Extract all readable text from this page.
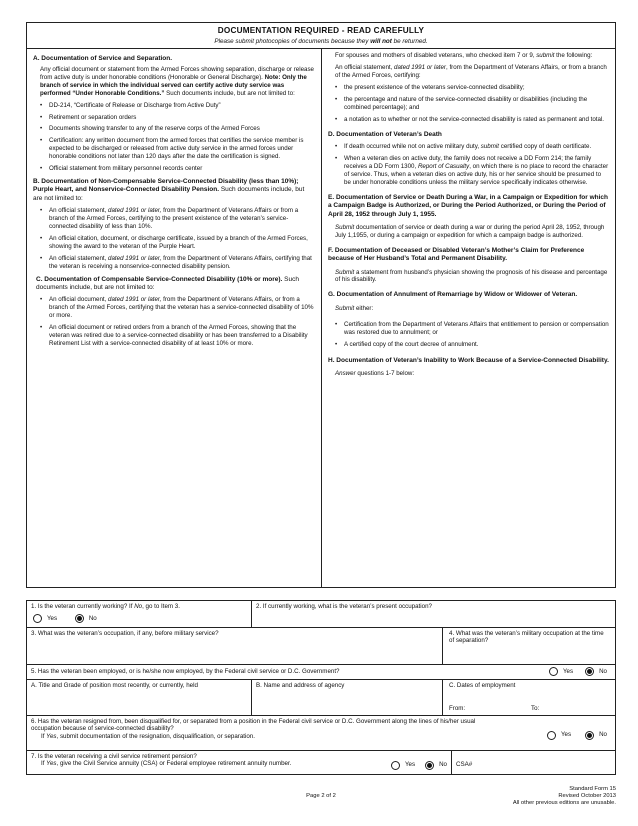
DOCUMENTATION REQUIRED - READ CAREFULLY
Please submit photocopies of documents because they will not be returned.
A. Documentation of Service and Separation.

Any official document or statement from the Armed Forces showing separation, discharge or release from active duty is under honorable conditions (Honorable or General Discharge). Note: Only the branch of service in which the individual served can certify active duty service was performed “Under Honorable Conditions.” Such documents include, but are not limited to:

• DD-214, “Certificate of Release or Discharge from Active Duty”
• Retirement or separation orders
• Documents showing transfer to any of the reserve corps of the Armed Forces
• Certification: any written document from the armed forces that certifies the service member is expected to be discharged or released from active duty service in the armed forces under honorable conditions not later than 120 days after the date the certification is signed.
• Official statement from military personnel records center
B. Documentation of Non-Compensable Service-Connected Disability (less than 10%); Purple Heart, and Nonservice-Connected Disability Pension. Such documents include, but are not limited to:
• An official statement, dated 1991 or later, from the Department of Veterans Affairs or from a branch of the Armed Forces, certifying to the present existence of the veteran’s service-connected disability of less than 10%.
• An official citation, document, or discharge certificate, issued by a branch of the Armed Forces, showing the award to the veteran of the Purple Heart.
• An official statement, dated 1991 or later, from the Department of Veterans Affairs, certifying that the veteran is receiving a nonservice-connected disability pension.
C. Documentation of Compensable Service-Connected Disability (10% or more). Such documents include, but are not limited to:
• An official document, dated 1991 or later, from the Department of Veterans Affairs, or from a branch of the Armed Forces, certifying that the veteran has a service-connected disability of 10% or more.
• An official document or retired orders from a branch of the Armed Forces, showing that the veteran was retired due to a service-connected disability or has been transferred to a Disability Retirement List with a service-connected disability of at least 10% or more.

For spouses and mothers of disabled veterans, who checked item 7 or 9, submit the following:

An official statement, dated 1991 or later, from the Department of Veterans Affairs, or from a branch of the Armed Forces, certifying:

• the present existence of the veterans service-connected disability;
• the percentage and nature of the service-connected disability or disabilities (including the combined percentage); and
• a notation as to whether or not the service-connected disability is rated as permanent and total.
D. Documentation of Veteran’s Death
• If death occurred while not on active military duty, submit certified copy of death certificate.
• When a veteran dies on active duty, the family does not receive a DD Form 214; the family receives a DD Form 1300, Report of Casualty, on which there is no place to record the character of service. Thus, when a veteran dies on active duty, his or her service should be presumed to be under honorable conditions unless the military service specifically indicates otherwise.
E. Documentation of Service or Death During a War, in a Campaign or Expedition for which a Campaign Badge is Authorized, or During the Period Authorized, or During the Period of April 28, 1952 through July 1, 1955.

Submit documentation of service or death during a war or during the period April 28, 1952, through July 1,1955, or during a campaign or expedition for which a campaign badge is authorized.

F. Documentation of Deceased or Disabled Veteran’s Mother’s Claim for Preference because of Her Husband’s Total and Permanent Disability.

Submit a statement from husband’s physician showing the prognosis of his disease and percentage of his disability.

G. Documentation of Annulment of Remarriage by Widow or Widower of Veteran.

Submit either:

• Certification from the Department of Veterans Affairs that entitlement to pension or compensation was restored due to annulment; or
• A certified copy of the court decree of annulment.
H. Documentation of Veteran’s Inability to Work Because of a Service-Connected Disability.

Answer questions 1-7 below:

1. Is the veteran currently working? If No, go to Item 3.
Yes
	No
2. If currently working, what is the veteran’s present occupation?
3. What was the veteran’s occupation, if any, before military service?	4. What was the veteran’s military occupation at the time of separation?
5. Has the veteran been employed, or is he/she now employed, by the Federal civil service or D.C. Government?	Yes	No
A. Title and Grade of position most recently, or currently, held	B. Name and address of agency	C. Dates of employment
From:	To:
6. Has the veteran resigned from, been disqualified for, or separated from a position in the Federal civil service or D.C. Government along the lines of his/her usual occupation because of service-connected disability?
If Yes, submit documentation of the resignation, disqualification, or separation.	Yes	No
7. Is the veteran receiving a civil service retirement pension?
If Yes, give the Civil Service annuity (CSA) or Federal employee retirement annuity number.	Yes	No	CSA#
Page 2 of 2
Standard Form 15
Revised October 2013
All other previous editions are unusable.
